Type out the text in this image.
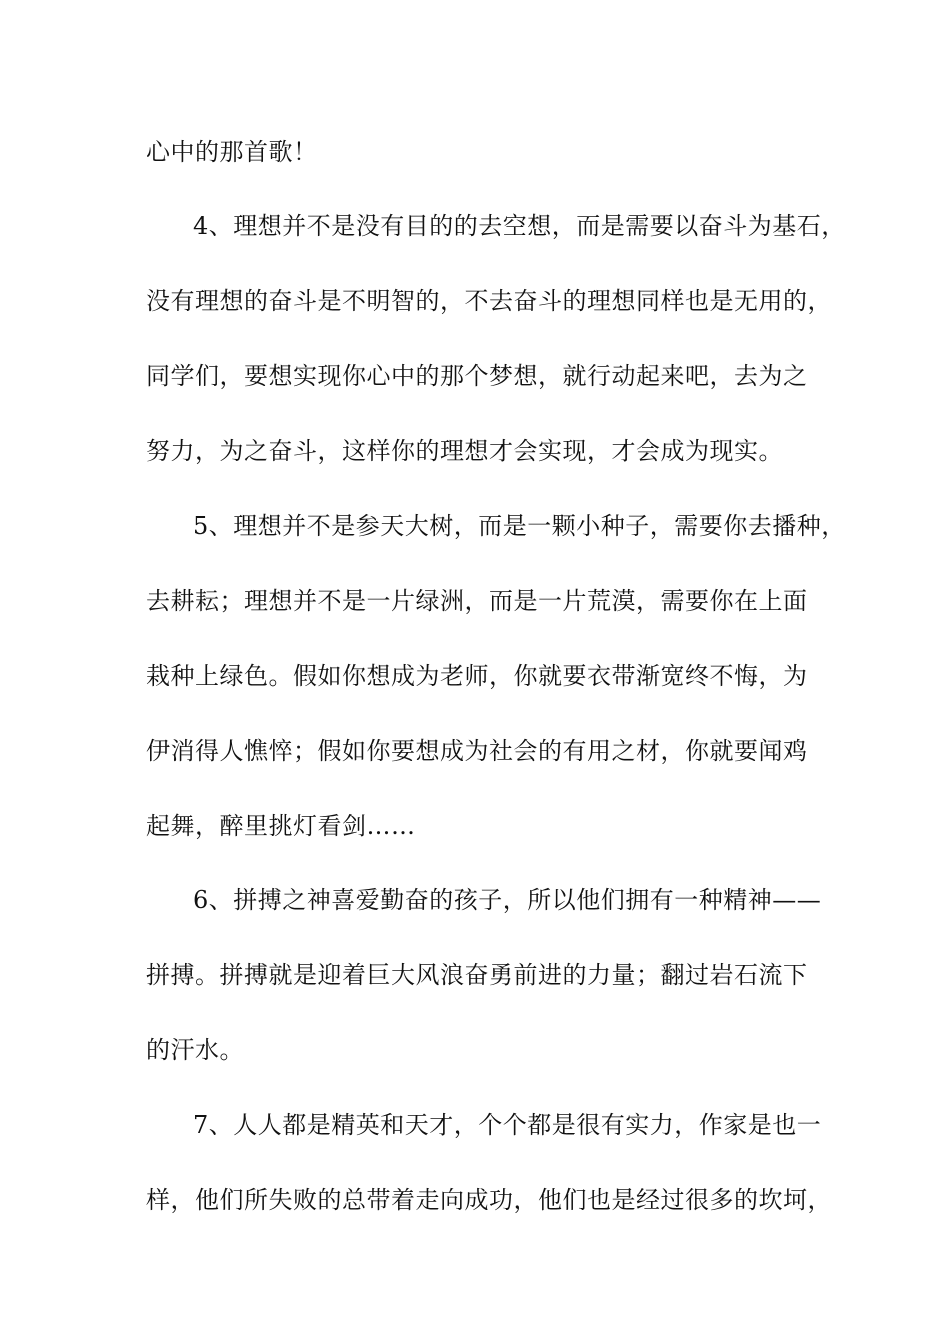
心中的那首歌！
4、理想并不是没有目的的去空想，而是需要以奋斗为基石，
没有理想的奋斗是不明智的，不去奋斗的理想同样也是无用的，
同学们，要想实现你心中的那个梦想，就行动起来吧，去为之
努力，为之奋斗，这样你的理想才会实现，才会成为现实。
5、理想并不是参天大树，而是一颗小种子，需要你去播种，
去耕耘；理想并不是一片绿洲，而是一片荒漠，需要你在上面
栽种上绿色。假如你想成为老师，你就要衣带渐宽终不悔，为
伊消得人憔悴；假如你要想成为社会的有用之材，你就要闻鸡
起舞，醉里挑灯看剑……
6、拼搏之神喜爱勤奋的孩子，所以他们拥有一种精神——
拼搏。拼搏就是迎着巨大风浪奋勇前进的力量；翻过岩石流下
的汗水。
7、人人都是精英和天才，个个都是很有实力，作家是也一
样，他们所失败的总带着走向成功，他们也是经过很多的坎坷，
